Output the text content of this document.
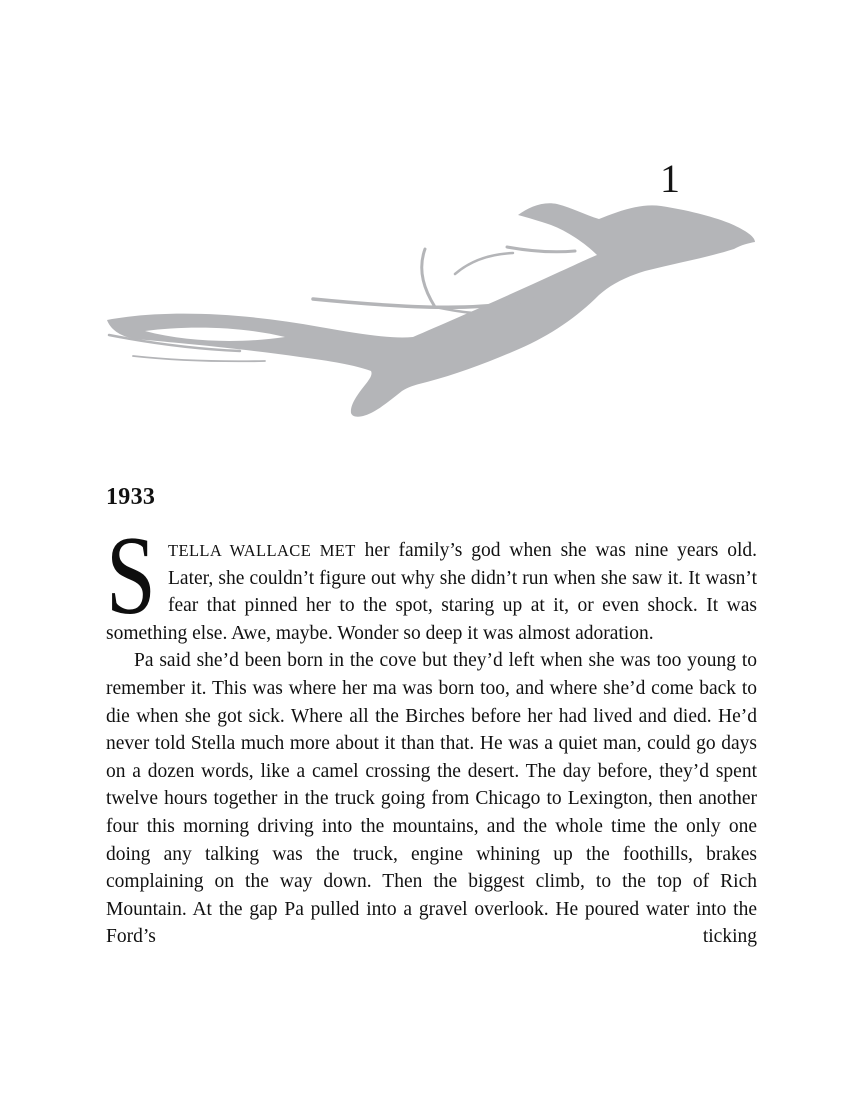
1
1933

S TELLA WALLACE MET her family’s god when she was nine years old. Later, she couldn’t figure out why she didn’t run when she saw it. It wasn’t fear that pinned her to the spot, staring up at it, or even shock. It was something else. Awe, maybe. Wonder so deep it was almost adoration.

Pa said she’d been born in the cove but they’d left when she was too young to remember it. This was where her ma was born too, and where she’d come back to die when she got sick. Where all the Birches before her had lived and died. He’d never told Stella much more about it than that. He was a quiet man, could go days on a dozen words, like a camel crossing the desert. The day before, they’d spent twelve hours together in the truck going from Chicago to Lexington, then another four this morning driving into the mountains, and the whole time the only one doing any talking was the truck, engine whining up the foothills, brakes complaining on the way down. Then the biggest climb, to the top of Rich Mountain. At the gap Pa pulled into a gravel overlook. He poured water into the Ford’s ticking
